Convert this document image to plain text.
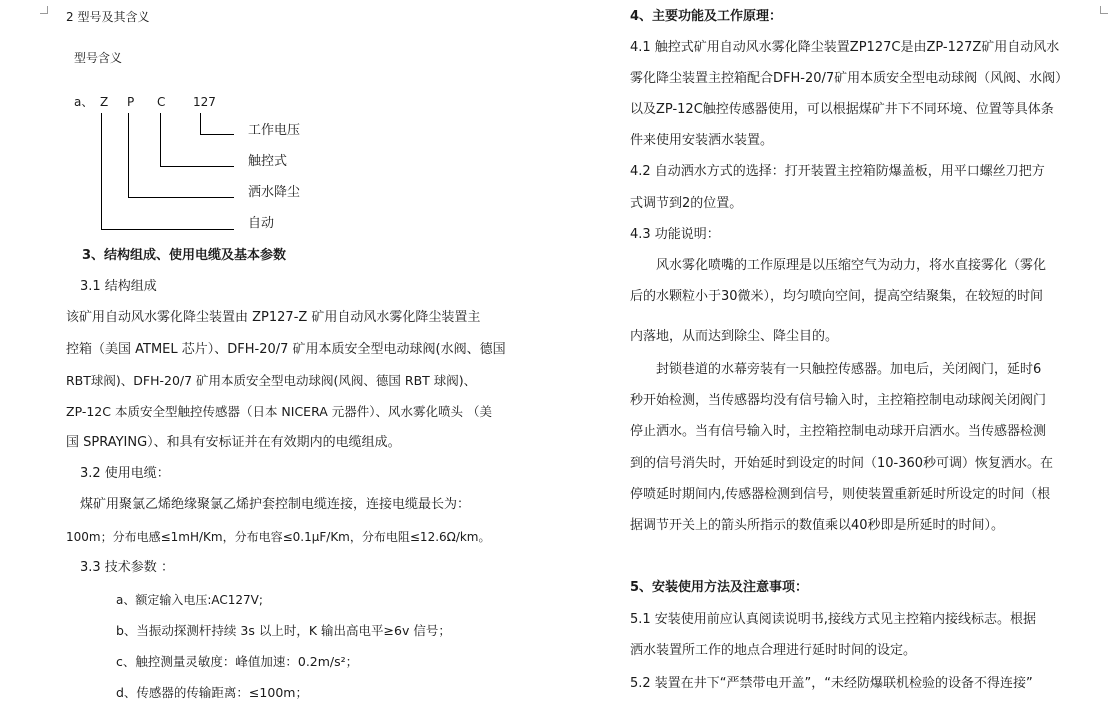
2 型号及其含义
型号含义
a、 Z P C 127
工作电压
触控式
洒水降尘
自动
3、结构组成、使用电缆及基本参数
3.1 结构组成
该矿用自动风水雾化降尘装置由 ZP127-Z 矿用自动风水雾化降尘装置主
控箱（美国 ATMEL 芯片）、DFH-20/7 矿用本质安全型电动球阀(水阀、德国
RBT球阀)、DFH-20/7 矿用本质安全型电动球阀(风阀、德国 RBT 球阀)、
ZP-12C 本质安全型触控传感器（日本 NICERA 元器件）、风水雾化喷头 （美
国 SPRAYING）、和具有安标证并在有效期内的电缆组成。
3.2 使用电缆：
煤矿用聚氯乙烯绝缘聚氯乙烯护套控制电缆连接，连接电缆最长为：
100m；分布电感≤1mH/Km，分布电容≤0.1μF/Km，分布电阻≤12.6Ω/km。
3.3 技术参数 ：
a、额定输入电压:AC127V;
b、当振动探测杆持续 3s 以上时，K 输出高电平≥6v 信号；
c、触控测量灵敏度：峰值加速：0.2m/s²；
d、传感器的传输距离：≤100m；
4、主要功能及工作原理：
4.1 触控式矿用自动风水雾化降尘装置ZP127C是由ZP-127Z矿用自动风水
雾化降尘装置主控箱配合DFH-20/7矿用本质安全型电动球阀（风阀、水阀）
以及ZP-12C触控传感器使用，可以根据煤矿井下不同环境、位置等具体条
件来使用安装洒水装置。
4.2 自动洒水方式的选择：打开装置主控箱防爆盖板，用平口螺丝刀把方
式调节到2的位置。
4.3 功能说明：
风水雾化喷嘴的工作原理是以压缩空气为动力，将水直接雾化（雾化
后的水颗粒小于30微米），均匀喷向空间，提高空结聚集，在较短的时间
内落地，从而达到除尘、降尘目的。
封锁巷道的水幕旁装有一只触控传感器。加电后，关闭阀门，延时6
秒开始检测，当传感器均没有信号输入时，主控箱控制电动球阀关闭阀门
停止洒水。当有信号输入时，主控箱控制电动球开启洒水。当传感器检测
到的信号消失时，开始延时到设定的时间（10-360秒可调）恢复洒水。在
停喷延时期间内,传感器检测到信号，则使装置重新延时所设定的时间（根
据调节开关上的箭头所指示的数值乘以40秒即是所延时的时间）。
5、安装使用方法及注意事项：
5.1 安装使用前应认真阅读说明书,接线方式见主控箱内接线标志。根据
洒水装置所工作的地点合理进行延时时间的设定。
5.2 装置在井下“严禁带电开盖”，“未经防爆联机检验的设备不得连接”
